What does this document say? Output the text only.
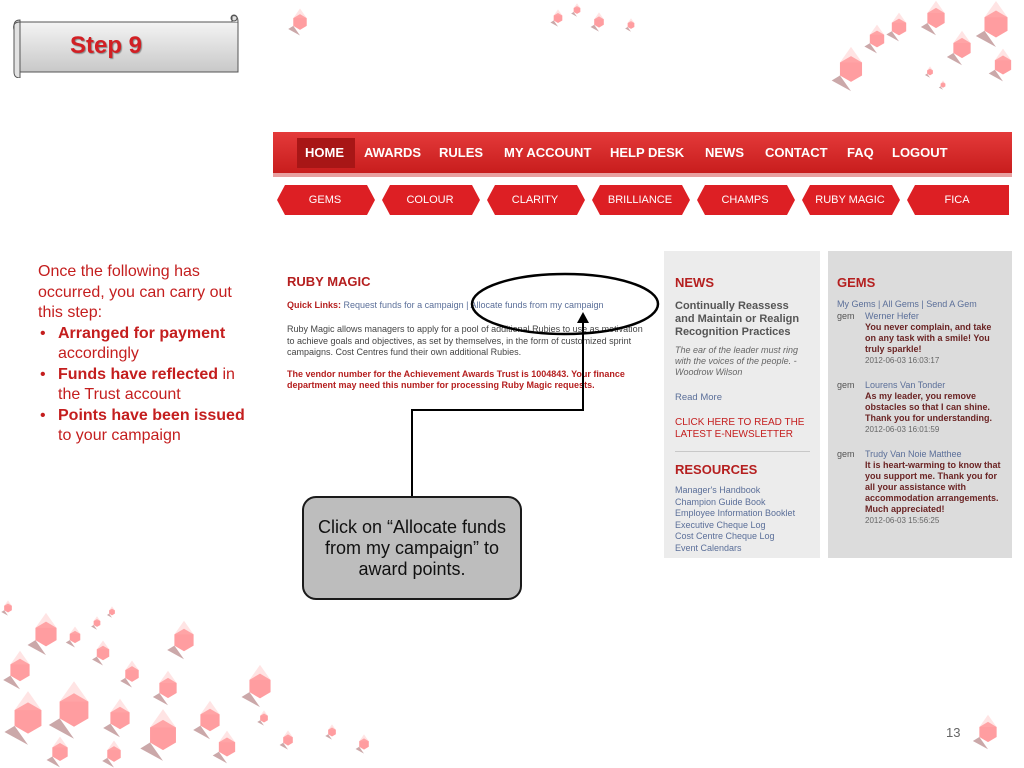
Step 9
Once the following has occurred, you can carry out this step:
• Arranged for payment accordingly
• Funds have reflected in the Trust account
• Points have been issued to your campaign
HOME AWARDS RULES MY ACCOUNT HELP DESK NEWS CONTACT FAQ LOGOUT
GEMS	COLOUR	CLARITY	BRILLIANCE	CHAMPS	RUBY MAGIC	FICA
RUBY MAGIC
Quick Links: Request funds for a campaign | Allocate funds from my campaign
Ruby Magic allows managers to apply for a pool of additional Rubies to use as motivation to achieve goals and objectives, as set by themselves, in the form of customized sprint campaigns. Cost Centres fund their own additional Rubies.
The vendor number for the Achievement Awards Trust is 1004843. Your finance department may need this number for processing Ruby Magic requests.
NEWS
Continually Reassess and Maintain or Realign Recognition Practices
The ear of the leader must ring with the voices of the people. - Woodrow Wilson
Read More
CLICK HERE TO READ THE LATEST E-NEWSLETTER
RESOURCES
Manager's Handbook
Champion Guide Book
Employee Information Booklet
Executive Cheque Log
Cost Centre Cheque Log
Event Calendars
GEMS
My Gems | All Gems | Send A Gem
gem Werner Hefer
You never complain, and take on any task with a smile! You truly sparkle!
2012-06-03 16:03:17
gem Lourens Van Tonder
As my leader, you remove obstacles so that I can shine. Thank you for understanding.
2012-06-03 16:01:59
gem Trudy Van Noie Matthee
It is heart-warming to know that you support me. Thank you for all your assistance with accommodation arrangements. Much appreciated!
2012-06-03 15:56:25
Click on “Allocate funds from my campaign” to award points.
13
